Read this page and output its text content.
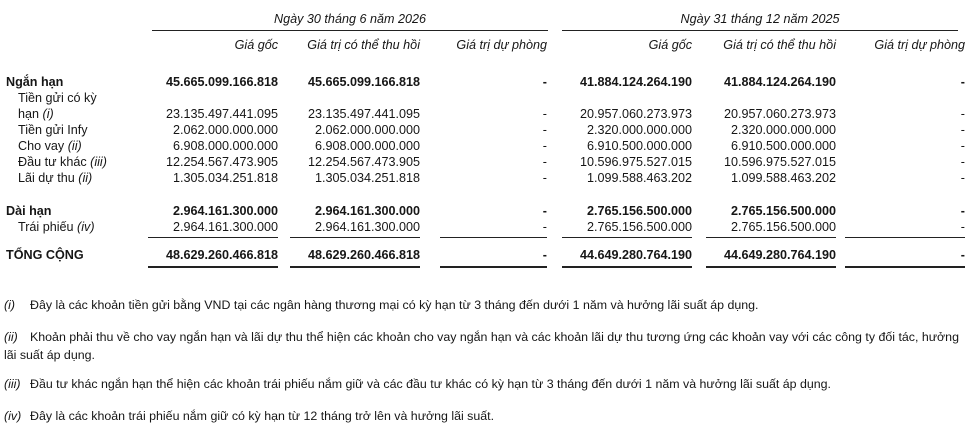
Ngày 30 tháng 6 năm 2026	Ngày 31 tháng 12 năm 2025
Giá gốc	Giá trị có thể thu hồi	Giá trị dự phòng	Giá gốc	Giá trị có thể thu hồi	Giá trị dự phòng
Ngắn hạn	45.665.099.166.818	45.665.099.166.818	-	41.884.124.264.190	41.884.124.264.190	-
Tiền gửi có kỳ
hạn (i)	23.135.497.441.095	23.135.497.441.095	-	20.957.060.273.973	20.957.060.273.973	-
Tiền gửi Infy	2.062.000.000.000	2.062.000.000.000	-	2.320.000.000.000	2.320.000.000.000	-
Cho vay (ii)	6.908.000.000.000	6.908.000.000.000	-	6.910.500.000.000	6.910.500.000.000	-
Đầu tư khác (iii)	12.254.567.473.905	12.254.567.473.905	-	10.596.975.527.015	10.596.975.527.015	-
Lãi dự thu (ii)	1.305.034.251.818	1.305.034.251.818	-	1.099.588.463.202	1.099.588.463.202	-
Dài hạn	2.964.161.300.000	2.964.161.300.000	-	2.765.156.500.000	2.765.156.500.000	-
Trái phiếu (iv)	2.964.161.300.000	2.964.161.300.000	-	2.765.156.500.000	2.765.156.500.000	-
TỔNG CỘNG	48.629.260.466.818	48.629.260.466.818	-	44.649.280.764.190	44.649.280.764.190	-
(i) Đây là các khoản tiền gửi bằng VND tại các ngân hàng thương mại có kỳ hạn từ 3 tháng đến dưới 1 năm và hưởng lãi suất áp dụng.
(ii) Khoản phải thu về cho vay ngắn hạn và lãi dự thu thể hiện các khoản cho vay ngắn hạn và các khoản lãi dự thu tương ứng các khoản vay với các công ty đối tác, hưởng lãi suất áp dụng.
(iii) Đầu tư khác ngắn hạn thể hiện các khoản trái phiếu nắm giữ và các đầu tư khác có kỳ hạn từ 3 tháng đến dưới 1 năm và hưởng lãi suất áp dụng.
(iv) Đây là các khoản trái phiếu nắm giữ có kỳ hạn từ 12 tháng trở lên và hưởng lãi suất.
